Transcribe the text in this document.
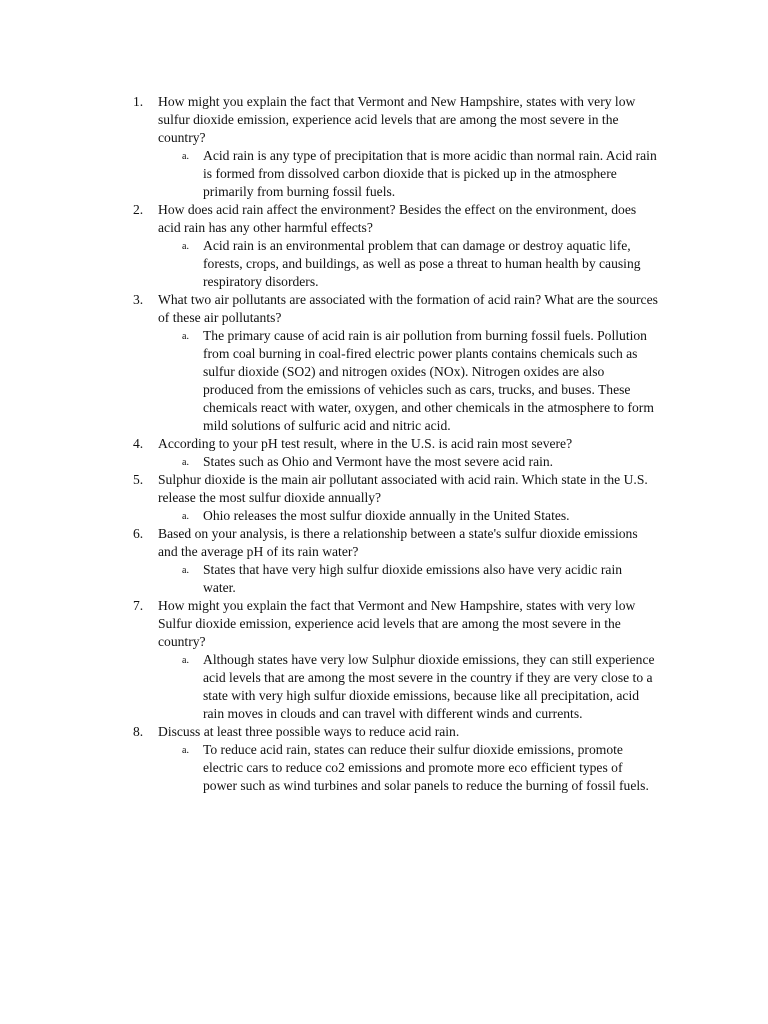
1. How might you explain the fact that Vermont and New Hampshire, states with very low sulfur dioxide emission, experience acid levels that are among the most severe in the country?
a. Acid rain is any type of precipitation that is more acidic than normal rain. Acid rain is formed from dissolved carbon dioxide that is picked up in the atmosphere primarily from burning fossil fuels.
2. How does acid rain affect the environment? Besides the effect on the environment, does acid rain has any other harmful effects?
a. Acid rain is an environmental problem that can damage or destroy aquatic life, forests, crops, and buildings, as well as pose a threat to human health by causing respiratory disorders.
3. What two air pollutants are associated with the formation of acid rain? What are the sources of these air pollutants?
a. The primary cause of acid rain is air pollution from burning fossil fuels. Pollution from coal burning in coal-fired electric power plants contains chemicals such as sulfur dioxide (SO2) and nitrogen oxides (NOx). Nitrogen oxides are also produced from the emissions of vehicles such as cars, trucks, and buses. These chemicals react with water, oxygen, and other chemicals in the atmosphere to form mild solutions of sulfuric acid and nitric acid.
4. According to your pH test result, where in the U.S. is acid rain most severe?
a. States such as Ohio and Vermont have the most severe acid rain.
5. Sulphur dioxide is the main air pollutant associated with acid rain. Which state in the U.S. release the most sulfur dioxide annually?
a. Ohio releases the most sulfur dioxide annually in the United States.
6. Based on your analysis, is there a relationship between a state's sulfur dioxide emissions and the average pH of its rain water?
a. States that have very high sulfur dioxide emissions also have very acidic rain water.
7. How might you explain the fact that Vermont and New Hampshire, states with very low Sulfur dioxide emission, experience acid levels that are among the most severe in the country?
a. Although states have very low Sulphur dioxide emissions, they can still experience acid levels that are among the most severe in the country if they are very close to a state with very high sulfur dioxide emissions, because like all precipitation, acid rain moves in clouds and can travel with different winds and currents.
8. Discuss at least three possible ways to reduce acid rain.
a. To reduce acid rain, states can reduce their sulfur dioxide emissions, promote electric cars to reduce co2 emissions and promote more eco efficient types of power such as wind turbines and solar panels to reduce the burning of fossil fuels.
